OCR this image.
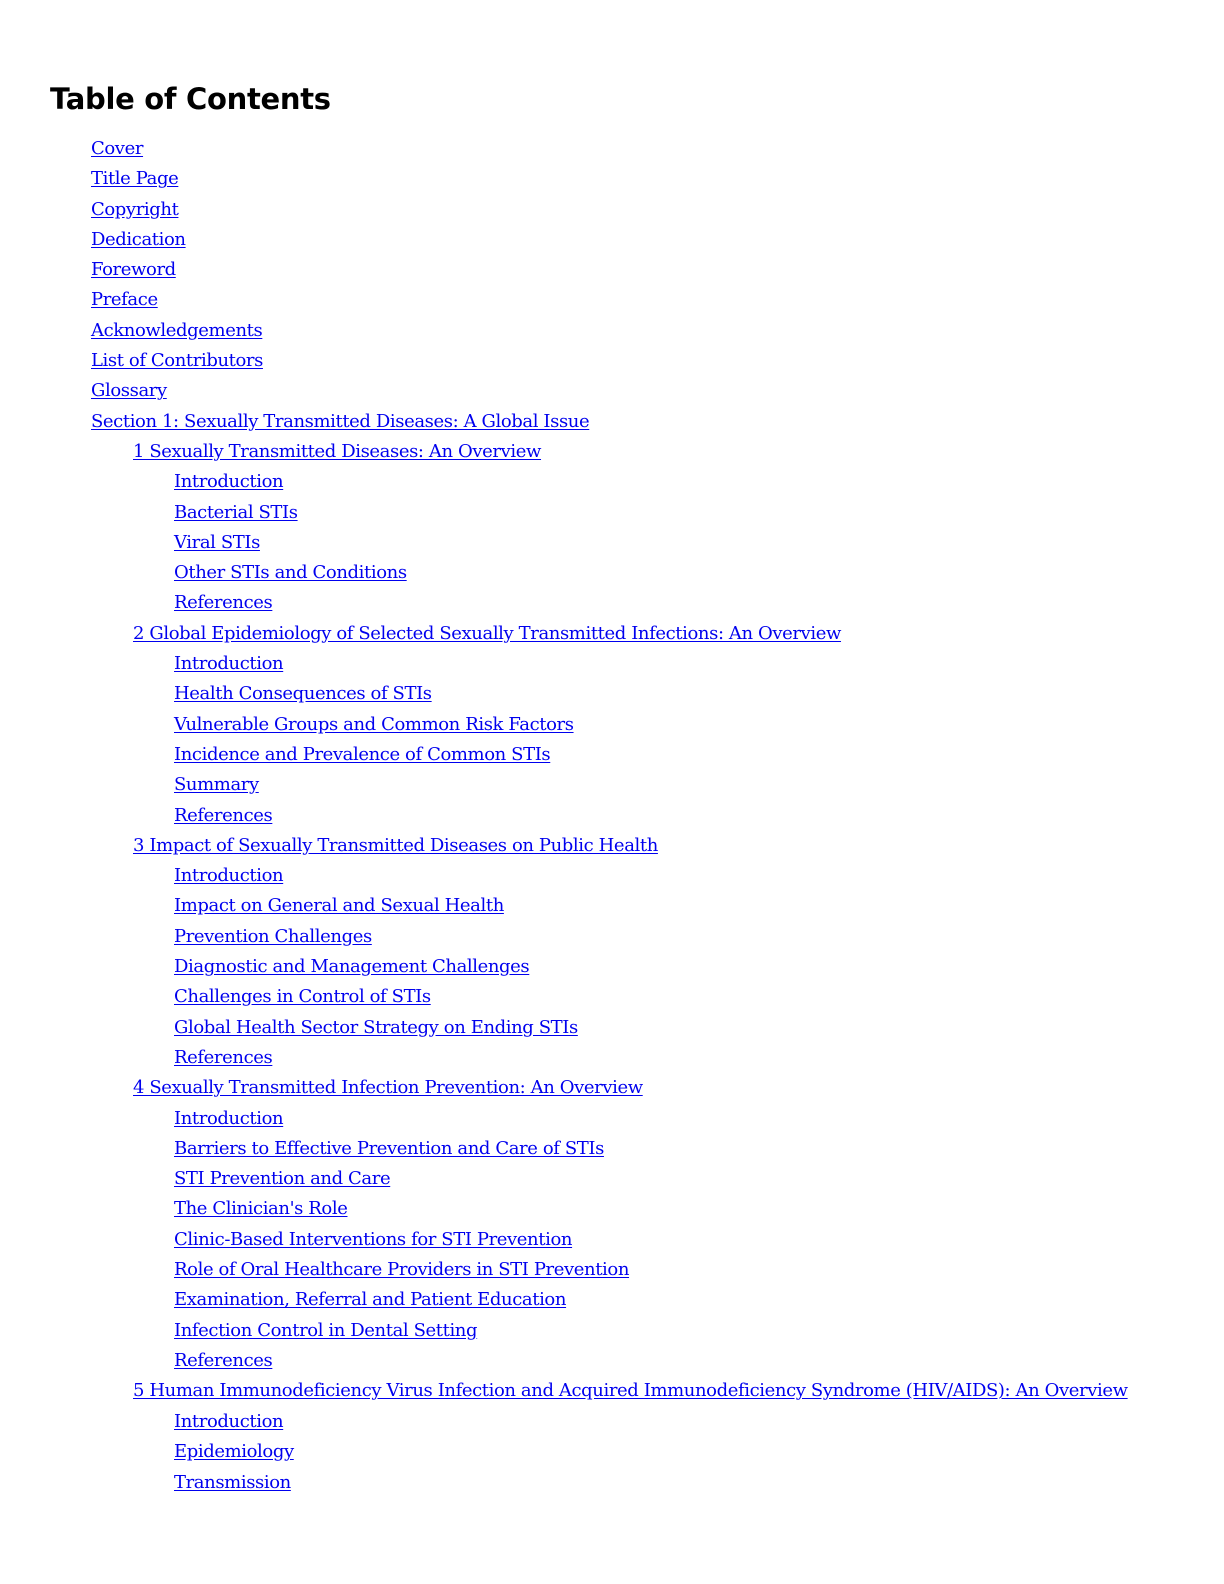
Table of Contents
Cover
Title Page
Copyright
Dedication
Foreword
Preface
Acknowledgements
List of Contributors
Glossary
Section 1: Sexually Transmitted Diseases: A Global Issue
1 Sexually Transmitted Diseases: An Overview
Introduction
Bacterial STIs
Viral STIs
Other STIs and Conditions
References
2 Global Epidemiology of Selected Sexually Transmitted Infections: An Overview
Introduction
Health Consequences of STIs
Vulnerable Groups and Common Risk Factors
Incidence and Prevalence of Common STIs
Summary
References
3 Impact of Sexually Transmitted Diseases on Public Health
Introduction
Impact on General and Sexual Health
Prevention Challenges
Diagnostic and Management Challenges
Challenges in Control of STIs
Global Health Sector Strategy on Ending STIs
References
4 Sexually Transmitted Infection Prevention: An Overview
Introduction
Barriers to Effective Prevention and Care of STIs
STI Prevention and Care
The Clinician's Role
Clinic-Based Interventions for STI Prevention
Role of Oral Healthcare Providers in STI Prevention
Examination, Referral and Patient Education
Infection Control in Dental Setting
References
5 Human Immunodeficiency Virus Infection and Acquired Immunodeficiency Syndrome (HIV/AIDS): An Overview
Introduction
Epidemiology
Transmission
